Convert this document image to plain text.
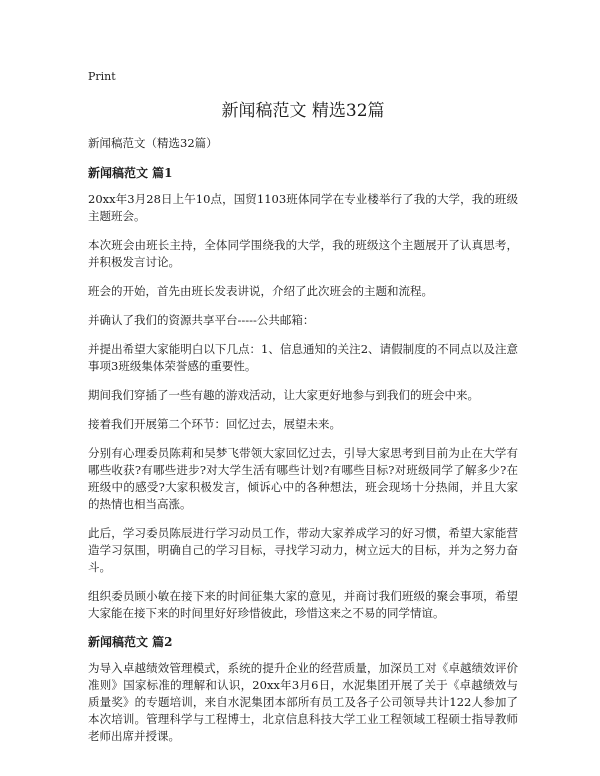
Print
新闻稿范文 精选32篇
新闻稿范文（精选32篇）
新闻稿范文 篇1

20xx年3月28日上午10点，国贸1103班体同学在专业楼举行了我的大学，我的班级主题班会。

本次班会由班长主持，全体同学围绕我的大学，我的班级这个主题展开了认真思考，并积极发言讨论。

班会的开始，首先由班长发表讲说，介绍了此次班会的主题和流程。

并确认了我们的资源共享平台-----公共邮箱：

并提出希望大家能明白以下几点：1、信息通知的关注2、请假制度的不同点以及注意事项3班级集体荣誉感的重要性。

期间我们穿插了一些有趣的游戏活动，让大家更好地参与到我们的班会中来。

接着我们开展第二个环节：回忆过去，展望未来。

分别有心理委员陈莉和吴梦飞带领大家回忆过去，引导大家思考到目前为止在大学有哪些收获?有哪些进步?对大学生活有哪些计划?有哪些目标?对班级同学了解多少?在班级中的感受?大家积极发言，倾诉心中的各种想法，班会现场十分热闹，并且大家的热情也相当高涨。

此后，学习委员陈辰进行学习动员工作，带动大家养成学习的好习惯，希望大家能营造学习氛围，明确自己的学习目标，寻找学习动力，树立远大的目标，并为之努力奋斗。

组织委员顾小敏在接下来的时间征集大家的意见，并商讨我们班级的聚会事项，希望大家能在接下来的时间里好好珍惜彼此，珍惜这来之不易的同学情谊。

新闻稿范文 篇2

为导入卓越绩效管理模式，系统的提升企业的经营质量，加深员工对《卓越绩效评价准则》国家标准的理解和认识，20xx年3月6日，水泥集团开展了关于《卓越绩效与质量奖》的专题培训，来自水泥集团本部所有员工及各子公司领导共计122人参加了本次培训。管理科学与工程博士，北京信息科技大学工业工程领域工程硕士指导教师 老师出席并授课。
